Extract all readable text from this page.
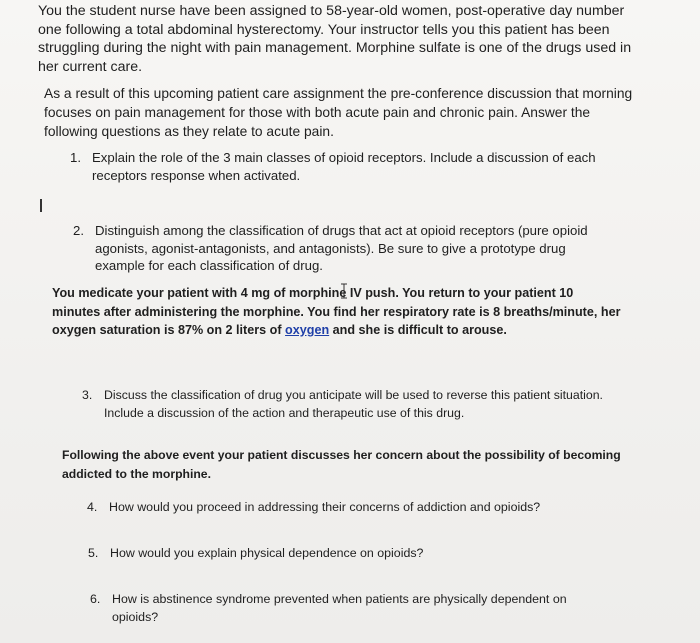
You the student nurse have been assigned to 58-year-old women, post-operative day number one following a total abdominal hysterectomy. Your instructor tells you this patient has been struggling during the night with pain management. Morphine sulfate is one of the drugs used in her current care.

As a result of this upcoming patient care assignment the pre-conference discussion that morning focuses on pain management for those with both acute pain and chronic pain. Answer the following questions as they relate to acute pain.

1. Explain the role of the 3 main classes of opioid receptors. Include a discussion of each receptors response when activated.
2. Distinguish among the classification of drugs that act at opioid receptors (pure opioid agonists, agonist-antagonists, and antagonists). Be sure to give a prototype drug example for each classification of drug.

You medicate your patient with 4 mg of morphine IV push. You return to your patient 10 minutes after administering the morphine. You find her respiratory rate is 8 breaths/minute, her oxygen saturation is 87% on 2 liters of oxygen and she is difficult to arouse.

3. Discuss the classification of drug you anticipate will be used to reverse this patient situation. Include a discussion of the action and therapeutic use of this drug.

Following the above event your patient discusses her concern about the possibility of becoming addicted to the morphine.

4. How would you proceed in addressing their concerns of addiction and opioids?
5. How would you explain physical dependence on opioids?
6. How is abstinence syndrome prevented when patients are physically dependent on opioids?
